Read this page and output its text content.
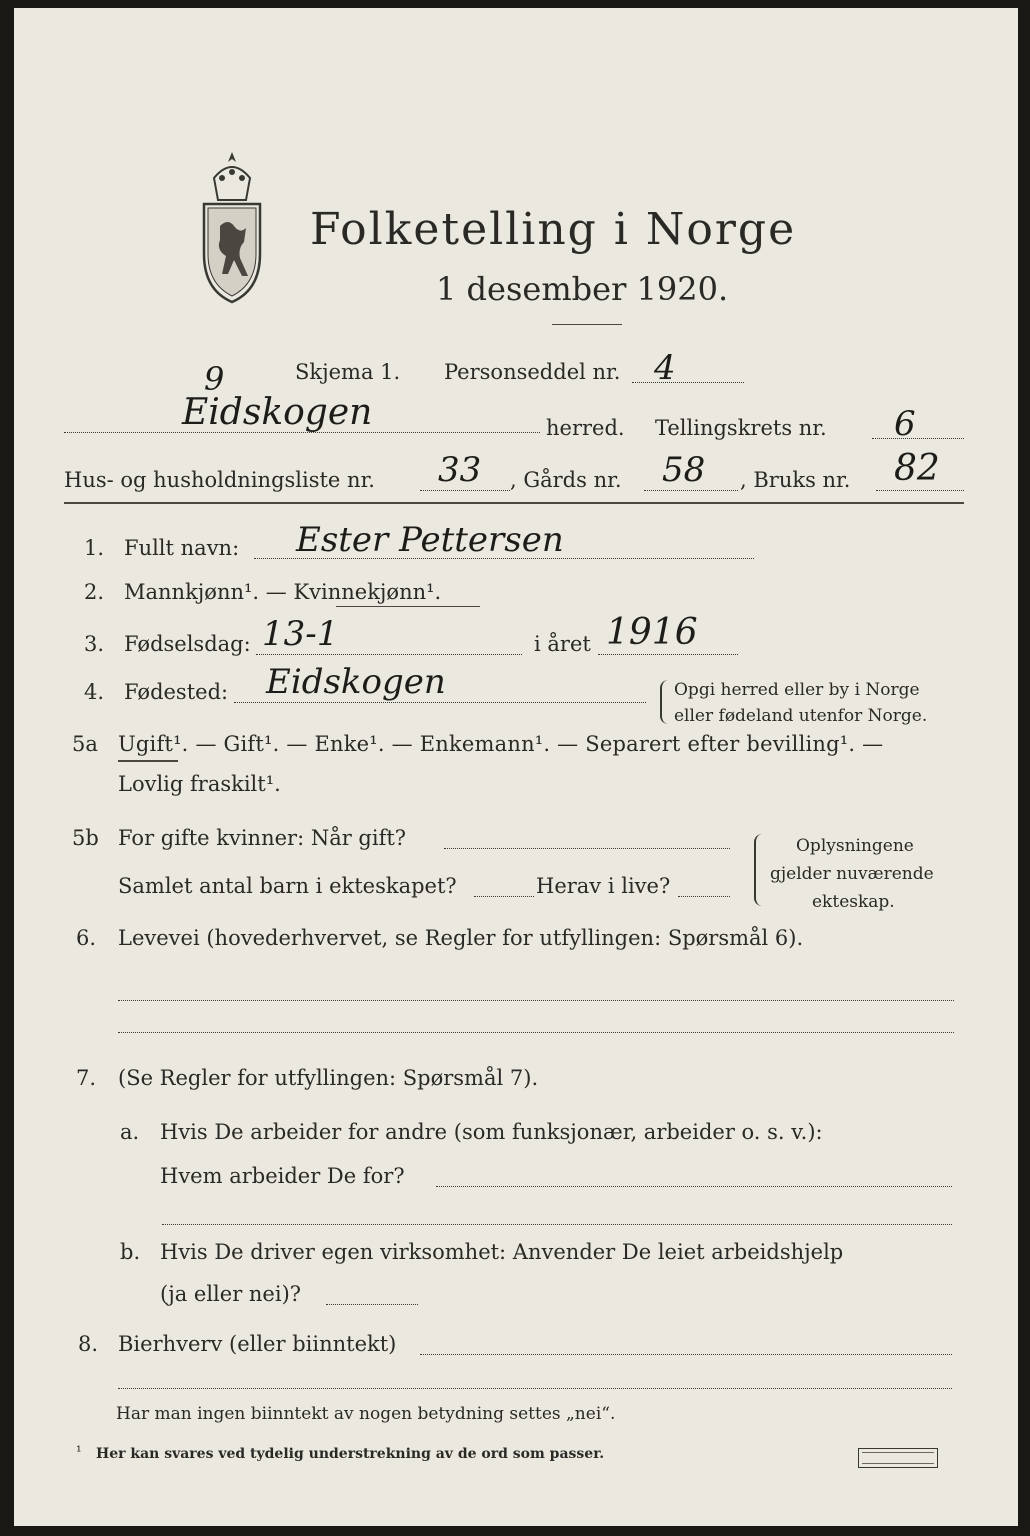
Folketelling i Norge
1 desember 1920.
9	Skjema 1. Personseddel nr. 4
Eidskogen	herred. Tellingskrets nr. 6
Hus- og husholdningsliste nr. 33 , Gårds nr. 58 , Bruks nr. 82
1. Fullt navn: Ester Pettersen
2. Mannkjønn¹. — Kvinnekjønn¹.
3. Fødselsdag: 13-1	i året 1916
4. Fødested: Eidskogen	Opgi herred eller by i Norge
eller fødeland utenfor Norge.
5a Ugift¹. — Gift¹. — Enke¹. — Enkemann¹. — Separert efter bevilling¹. —
Lovlig fraskilt¹.
5b For gifte kvinner: Når gift?
Samlet antal barn i ekteskapet?	Herav i live?
Oplysningene
gjelder nuværende
ekteskap.
6. Levevei (hovederhvervet, se Regler for utfyllingen: Spørsmål 6).
7. (Se Regler for utfyllingen: Spørsmål 7).
a. Hvis De arbeider for andre (som funksjonær, arbeider o. s. v.):
Hvem arbeider De for?
b. Hvis De driver egen virksomhet: Anvender De leiet arbeidshjelp
(ja eller nei)?
8. Bierhverv (eller biinntekt)
Har man ingen biinntekt av nogen betydning settes „nei“.
¹ Her kan svares ved tydelig understrekning av de ord som passer.
